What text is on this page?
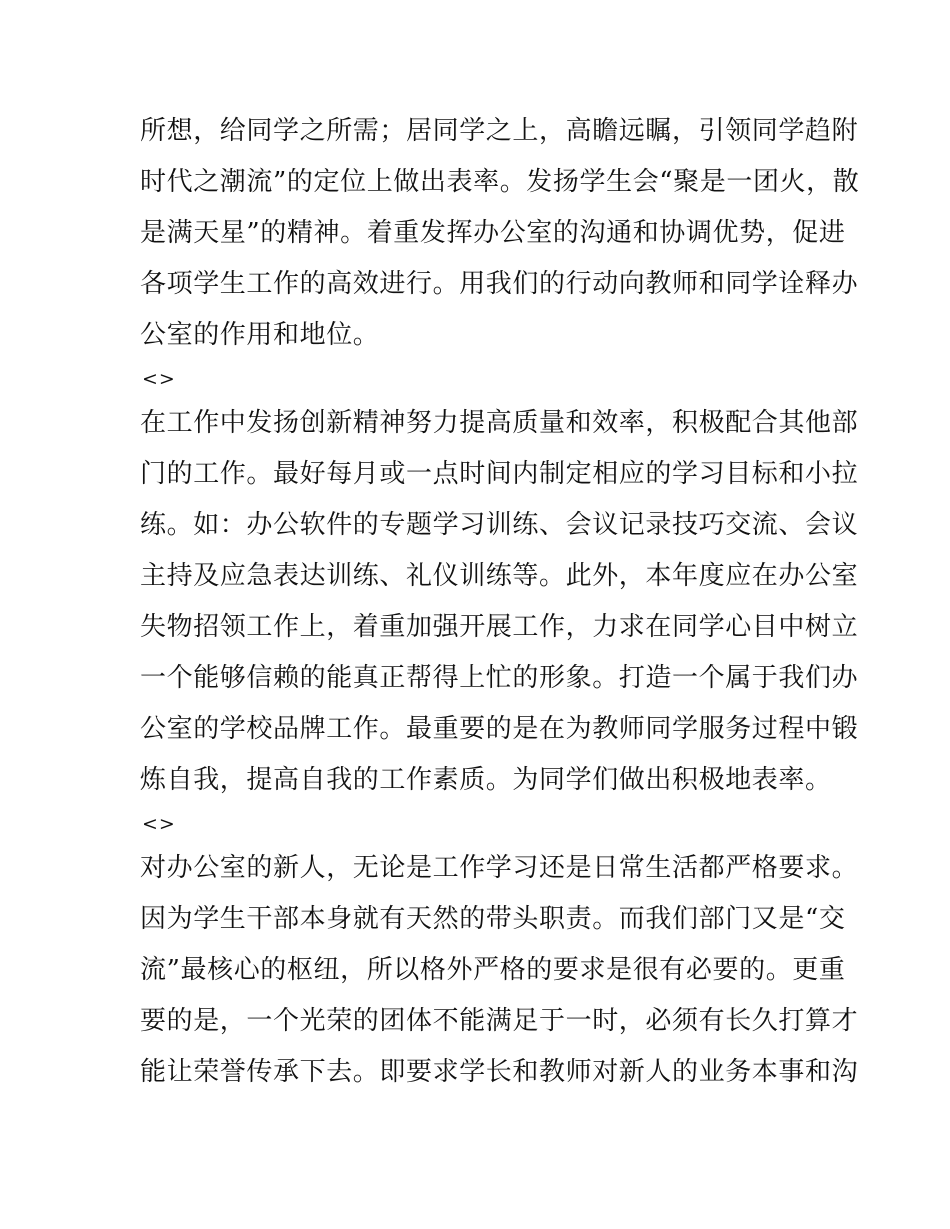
所想，给同学之所需；居同学之上，高瞻远瞩，引领同学趋附
时代之潮流”的定位上做出表率。发扬学生会“聚是一团火，散
是满天星”的精神。着重发挥办公室的沟通和协调优势，促进
各项学生工作的高效进行。用我们的行动向教师和同学诠释办
公室的作用和地位。
<>
在工作中发扬创新精神努力提高质量和效率，积极配合其他部
门的工作。最好每月或一点时间内制定相应的学习目标和小拉
练。如：办公软件的专题学习训练、会议记录技巧交流、会议
主持及应急表达训练、礼仪训练等。此外，本年度应在办公室
失物招领工作上，着重加强开展工作，力求在同学心目中树立
一个能够信赖的能真正帮得上忙的形象。打造一个属于我们办
公室的学校品牌工作。最重要的是在为教师同学服务过程中锻
炼自我，提高自我的工作素质。为同学们做出积极地表率。
<>
对办公室的新人，无论是工作学习还是日常生活都严格要求。
因为学生干部本身就有天然的带头职责。而我们部门又是“交
流”最核心的枢纽，所以格外严格的要求是很有必要的。更重
要的是，一个光荣的团体不能满足于一时，必须有长久打算才
能让荣誉传承下去。即要求学长和教师对新人的业务本事和沟
